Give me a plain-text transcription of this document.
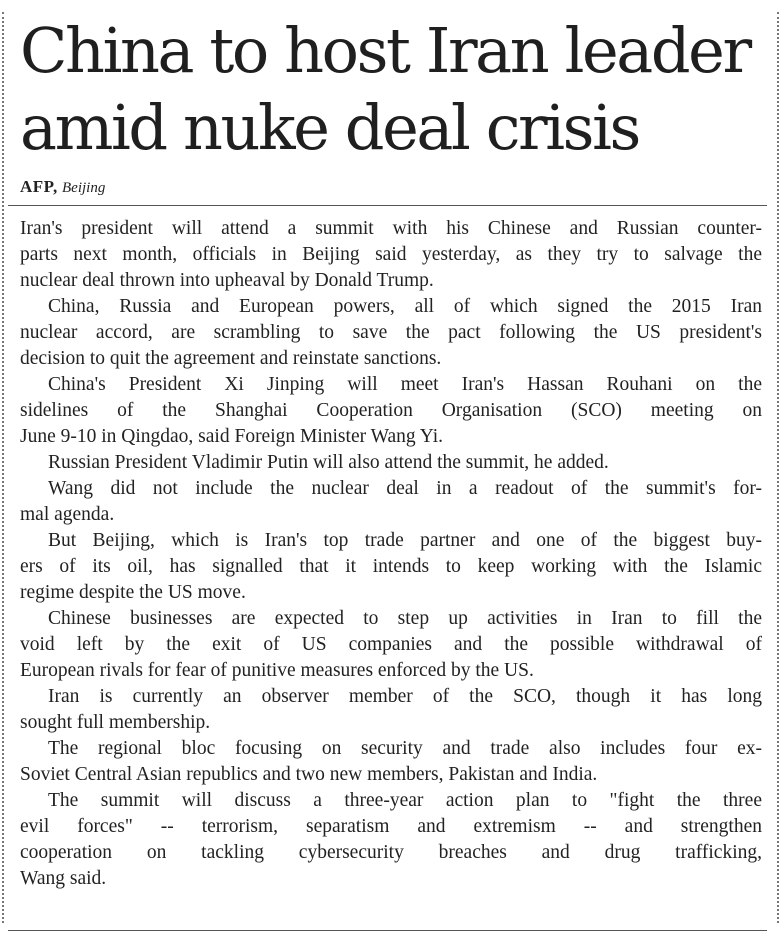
China to host Iran leader
amid nuke deal crisis
AFP, Beijing
Iran's president will attend a summit with his Chinese and Russian counter-
parts next month, officials in Beijing said yesterday, as they try to salvage the
nuclear deal thrown into upheaval by Donald Trump.
China, Russia and European powers, all of which signed the 2015 Iran
nuclear accord, are scrambling to save the pact following the US president's
decision to quit the agreement and reinstate sanctions.
China's President Xi Jinping will meet Iran's Hassan Rouhani on the
sidelines of the Shanghai Cooperation Organisation (SCO) meeting on
June 9-10 in Qingdao, said Foreign Minister Wang Yi.
Russian President Vladimir Putin will also attend the summit, he added.
Wang did not include the nuclear deal in a readout of the summit's for-
mal agenda.
But Beijing, which is Iran's top trade partner and one of the biggest buy-
ers of its oil, has signalled that it intends to keep working with the Islamic
regime despite the US move.
Chinese businesses are expected to step up activities in Iran to fill the
void left by the exit of US companies and the possible withdrawal of
European rivals for fear of punitive measures enforced by the US.
Iran is currently an observer member of the SCO, though it has long
sought full membership.
The regional bloc focusing on security and trade also includes four ex-
Soviet Central Asian republics and two new members, Pakistan and India.
The summit will discuss a three-year action plan to "fight the three
evil forces" -- terrorism, separatism and extremism -- and strengthen
cooperation on tackling cybersecurity breaches and drug trafficking,
Wang said.
